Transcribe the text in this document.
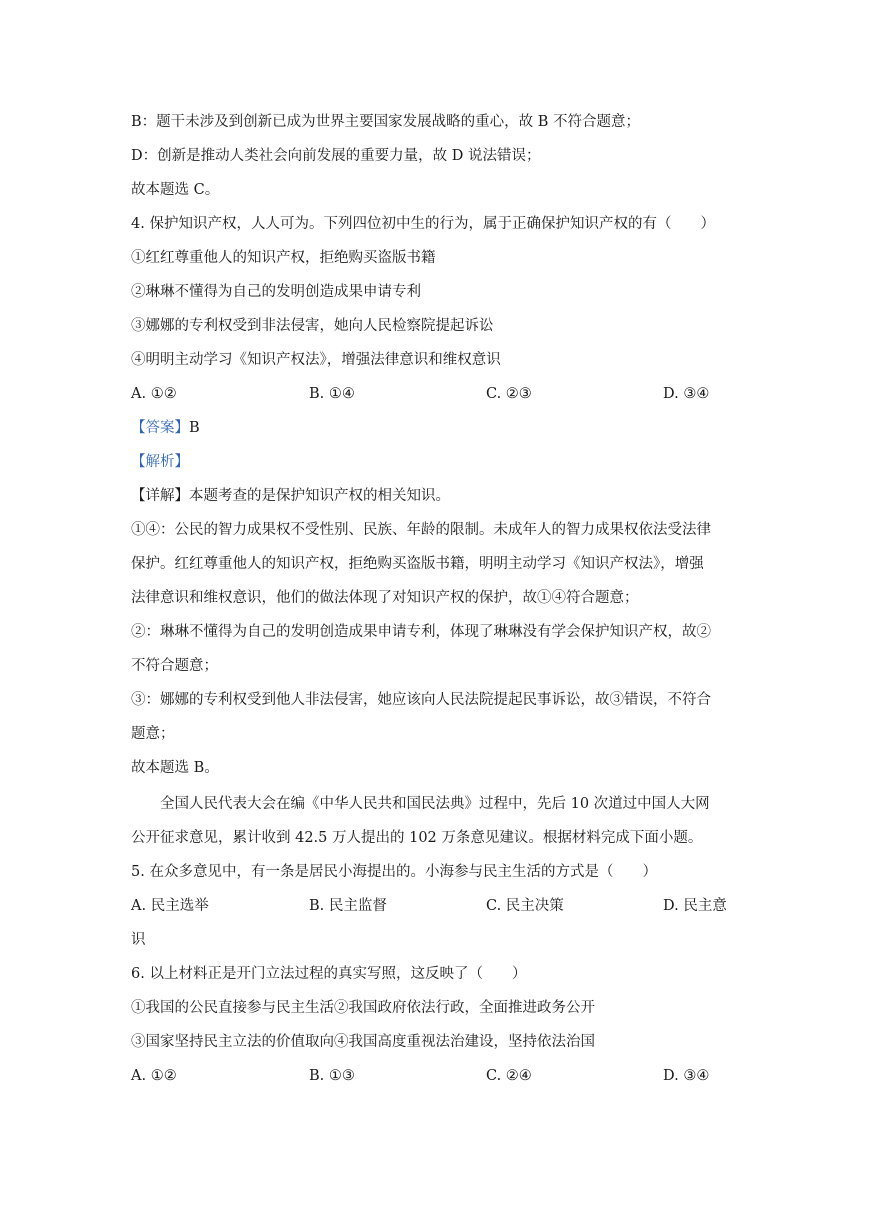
B：题干未涉及到创新已成为世界主要国家发展战略的重心，故 B 不符合题意；
D：创新是推动人类社会向前发展的重要力量，故 D 说法错误；
故本题选 C。
4. 保护知识产权，人人可为。下列四位初中生的行为，属于正确保护知识产权的有（　　）
①红红尊重他人的知识产权，拒绝购买盗版书籍
②琳琳不懂得为自己的发明创造成果申请专利
③娜娜的专利权受到非法侵害，她向人民检察院提起诉讼
④明明主动学习《知识产权法》，增强法律意识和维权意识
A. ①②	B. ①④	C. ②③	D. ③④
【答案】B
【解析】
【详解】本题考查的是保护知识产权的相关知识。
①④：公民的智力成果权不受性别、民族、年龄的限制。未成年人的智力成果权依法受法律
保护。红红尊重他人的知识产权，拒绝购买盗版书籍，明明主动学习《知识产权法》，增强
法律意识和维权意识，他们的做法体现了对知识产权的保护，故①④符合题意；
②：琳琳不懂得为自己的发明创造成果申请专利，体现了琳琳没有学会保护知识产权，故②
不符合题意；
③：娜娜的专利权受到他人非法侵害，她应该向人民法院提起民事诉讼，故③错误，不符合
题意；
故本题选 B。
全国人民代表大会在编《中华人民共和国民法典》过程中，先后 10 次道过中国人大网
公开征求意见，累计收到 42.5 万人提出的 102 万条意见建议。根据材料完成下面小题。
5. 在众多意见中，有一条是居民小海提出的。小海参与民主生活的方式是（　　）
A. 民主选举	B. 民主监督	C. 民主决策	D. 民主意
识
6. 以上材料正是开门立法过程的真实写照，这反映了（　　）
①我国的公民直接参与民主生活②我国政府依法行政，全面推进政务公开
③国家坚持民主立法的价值取向④我国高度重视法治建设，坚持依法治国
A. ①②	B. ①③	C. ②④	D. ③④
